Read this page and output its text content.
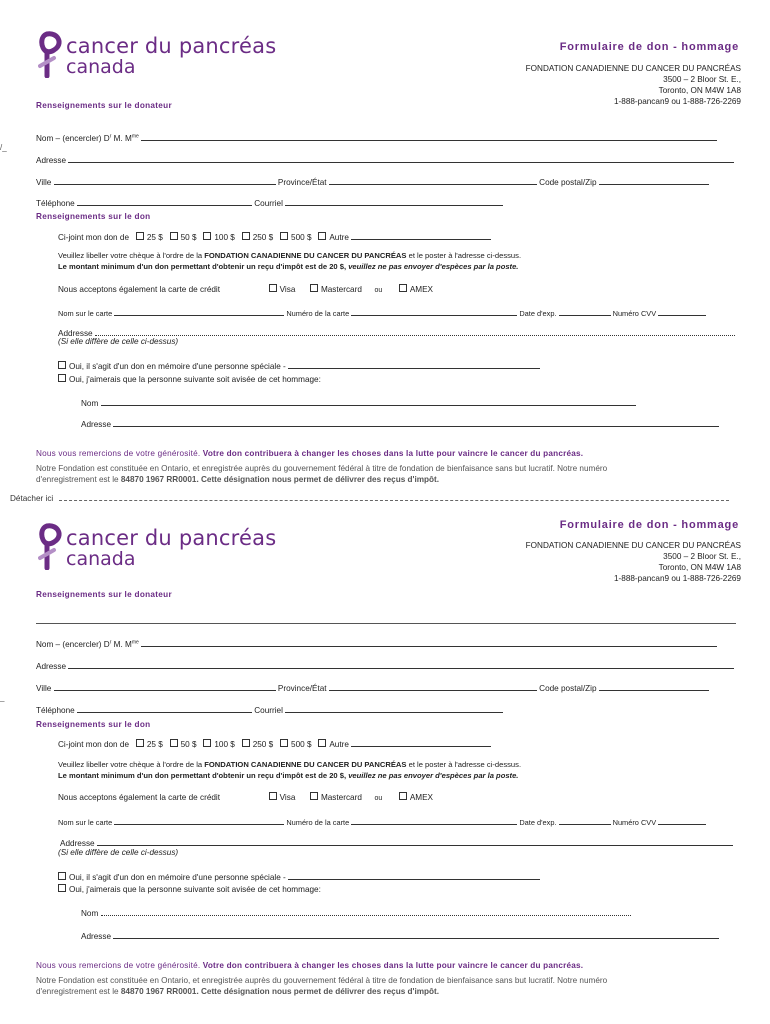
cancer du pancréas
canada
Formulaire de don - hommage
FONDATION CANADIENNE DU CANCER DU PANCRÉAS
3500 – 2 Bloor St. E.,
Toronto, ON M4W 1A8
1-888-pancan9 ou 1-888-726-2269
Renseignements sur le donateur
Nom – (encercler) $D^r$ M. $M^{me}$
Adresse
Ville	Province/État	Code postal/Zip
Téléphone	Courriel
Renseignements sur le don
Ci-joint mon don de 25 $ 50 $ 100 $ 250 $ 500 $ Autre
Veuillez libeller votre chèque à l'ordre de la FONDATION CANADIENNE DU CANCER DU PANCRÉAS et le poster à l'adresse ci-dessus.
Le montant minimum d'un don permettant d'obtenir un reçu d'impôt est de 20 $, veuillez ne pas envoyer d'espèces par la poste.
Nous acceptons également la carte de crédit	Visa	Mastercard ou	AMEX
Nom sur le carte	Numéro de la carte	Date d'exp.	Numéro CVV
Addresse
(Si elle diffère de celle ci-dessus)
Oui, il s'agit d'un don en mémoire d'une personne spéciale -
Oui, j'aimerais que la personne suivante soit avisée de cet hommage:
Nom
Adresse
Nous vous remercions de votre générosité. Votre don contribuera à changer les choses dans la lutte pour vaincre le cancer du pancréas.
Notre Fondation est constituée en Ontario, et enregistrée auprès du gouvernement fédéral à titre de fondation de bienfaisance sans but lucratif. Notre numéro
d'enregistrement est le 84870 1967 RR0001. Cette désignation nous permet de délivrer des reçus d'impôt.
/_
Détacher ici
cancer du pancréas
canada
Formulaire de don - hommage
FONDATION CANADIENNE DU CANCER DU PANCRÉAS
3500 – 2 Bloor St. E.,
Toronto, ON M4W 1A8
1-888-pancan9 ou 1-888-726-2269
Renseignements sur le donateur
Nom – (encercler) $D^r$ M. $M^{me}$
Adresse
Ville	Province/État	Code postal/Zip
Téléphone	Courriel
Renseignements sur le don
Ci-joint mon don de 25 $ 50 $ 100 $ 250 $ 500 $ Autre
Veuillez libeller votre chèque à l'ordre de la FONDATION CANADIENNE DU CANCER DU PANCRÉAS et le poster à l'adresse ci-dessus.
Le montant minimum d'un don permettant d'obtenir un reçu d'impôt est de 20 $, veuillez ne pas envoyer d'espèces par la poste.
Nous acceptons également la carte de crédit	Visa	Mastercard ou	AMEX
Nom sur le carte	Numéro de la carte	Date d'exp.	Numéro CVV
Addresse
(Si elle diffère de celle ci-dessus)
Oui, il s'agit d'un don en mémoire d'une personne spéciale -
Oui, j'aimerais que la personne suivante soit avisée de cet hommage:
Nom
Adresse
Nous vous remercions de votre générosité. Votre don contribuera à changer les choses dans la lutte pour vaincre le cancer du pancréas.
Notre Fondation est constituée en Ontario, et enregistrée auprès du gouvernement fédéral à titre de fondation de bienfaisance sans but lucratif. Notre numéro
d'enregistrement est le 84870 1967 RR0001. Cette désignation nous permet de délivrer des reçus d'impôt.
_
